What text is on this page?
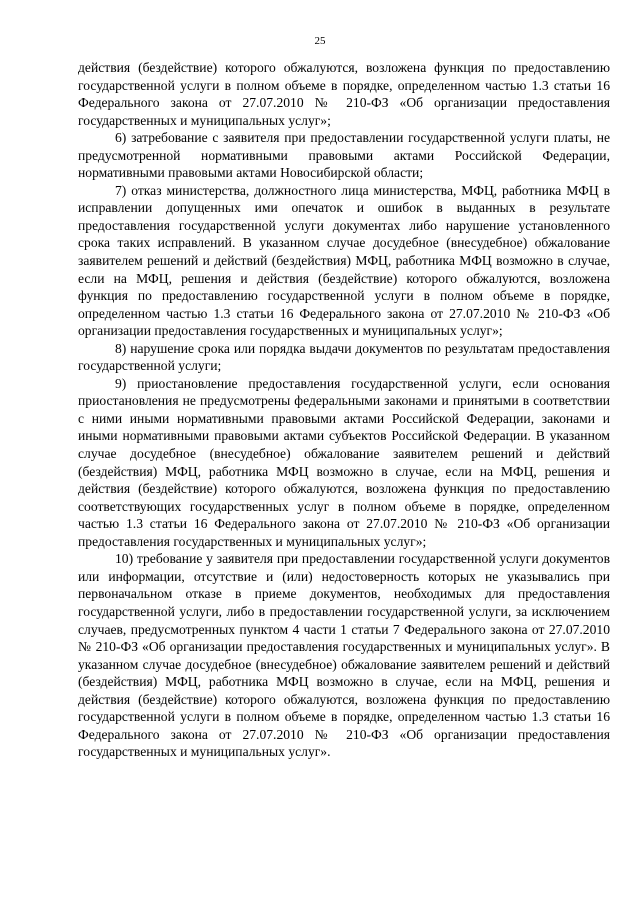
25

действия (бездействие) которого обжалуются, возложена функция по предоставлению государственной услуги в полном объеме в порядке, определенном частью 1.3 статьи 16 Федерального закона от 27.07.2010 № 210-ФЗ «Об организации предоставления государственных и муниципальных услуг»;

6) затребование с заявителя при предоставлении государственной услуги платы, не предусмотренной нормативными правовыми актами Российской Федерации, нормативными правовыми актами Новосибирской области;

7) отказ министерства, должностного лица министерства, МФЦ, работника МФЦ в исправлении допущенных ими опечаток и ошибок в выданных в результате предоставления государственной услуги документах либо нарушение установленного срока таких исправлений. В указанном случае досудебное (внесудебное) обжалование заявителем решений и действий (бездействия) МФЦ, работника МФЦ возможно в случае, если на МФЦ, решения и действия (бездействие) которого обжалуются, возложена функция по предоставлению государственной услуги в полном объеме в порядке, определенном частью 1.3 статьи 16 Федерального закона от 27.07.2010 № 210-ФЗ «Об организации предоставления государственных и муниципальных услуг»;

8) нарушение срока или порядка выдачи документов по результатам предоставления государственной услуги;

9) приостановление предоставления государственной услуги, если основания приостановления не предусмотрены федеральными законами и принятыми в соответствии с ними иными нормативными правовыми актами Российской Федерации, законами и иными нормативными правовыми актами субъектов Российской Федерации. В указанном случае досудебное (внесудебное) обжалование заявителем решений и действий (бездействия) МФЦ, работника МФЦ возможно в случае, если на МФЦ, решения и действия (бездействие) которого обжалуются, возложена функция по предоставлению соответствующих государственных услуг в полном объеме в порядке, определенном частью 1.3 статьи 16 Федерального закона от 27.07.2010 № 210-ФЗ «Об организации предоставления государственных и муниципальных услуг»;

10) требование у заявителя при предоставлении государственной услуги документов или информации, отсутствие и (или) недостоверность которых не указывались при первоначальном отказе в приеме документов, необходимых для предоставления государственной услуги, либо в предоставлении государственной услуги, за исключением случаев, предусмотренных пунктом 4 части 1 статьи 7 Федерального закона от 27.07.2010 № 210-ФЗ «Об организации предоставления государственных и муниципальных услуг». В указанном случае досудебное (внесудебное) обжалование заявителем решений и действий (бездействия) МФЦ, работника МФЦ возможно в случае, если на МФЦ, решения и действия (бездействие) которого обжалуются, возложена функция по предоставлению государственной услуги в полном объеме в порядке, определенном частью 1.3 статьи 16 Федерального закона от 27.07.2010 № 210-ФЗ «Об организации предоставления государственных и муниципальных услуг».
